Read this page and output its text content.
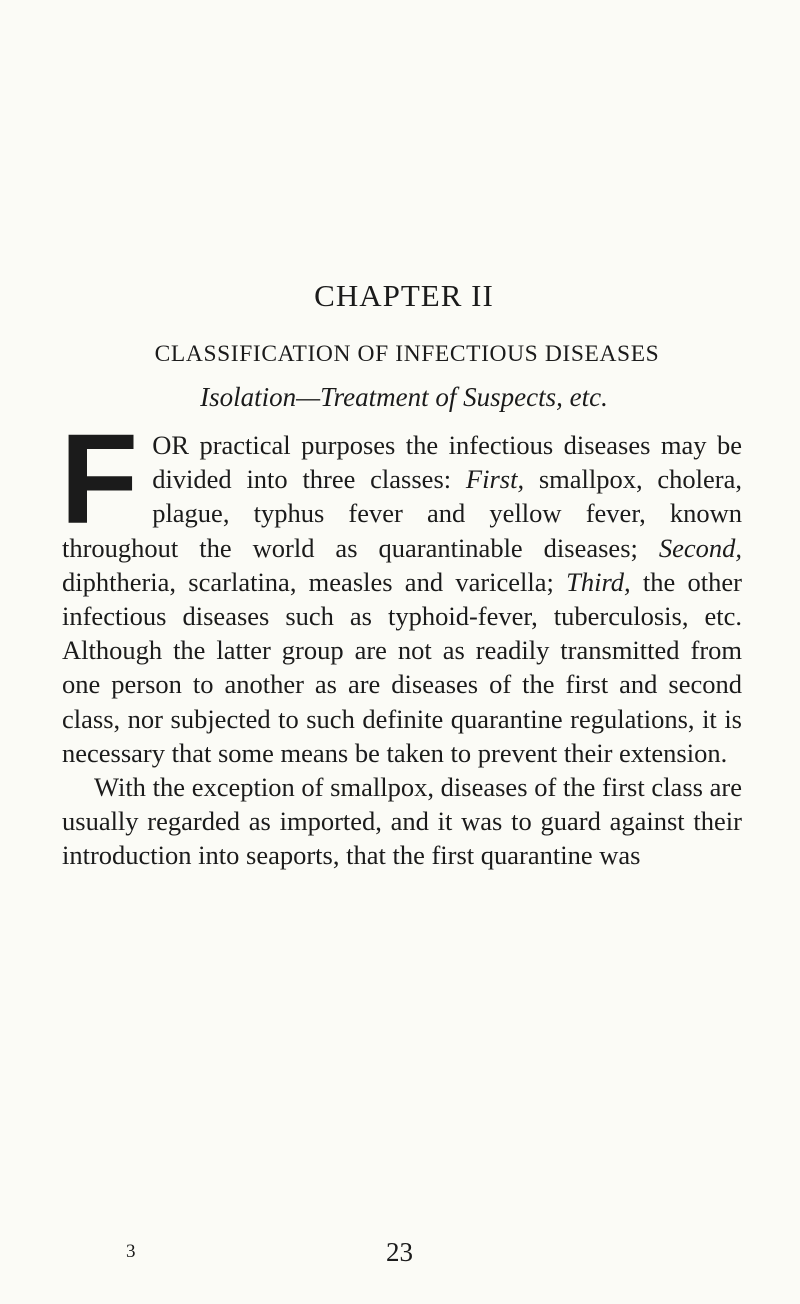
CHAPTER II
CLASSIFICATION OF INFECTIOUS DISEASES
Isolation—Treatment of Suspects, etc.

FOR practical purposes the infectious diseases may be divided into three classes: First, smallpox, cholera, plague, typhus fever and yellow fever, known throughout the world as quarantinable diseases; Second, diphtheria, scarlatina, measles and varicella; Third, the other infectious diseases such as typhoid-fever, tuberculosis, etc. Although the latter group are not as readily transmitted from one person to another as are diseases of the first and second class, nor subjected to such definite quarantine regulations, it is necessary that some means be taken to prevent their extension.

With the exception of smallpox, diseases of the first class are usually regarded as imported, and it was to guard against their introduction into seaports, that the first quarantine was

3	23
